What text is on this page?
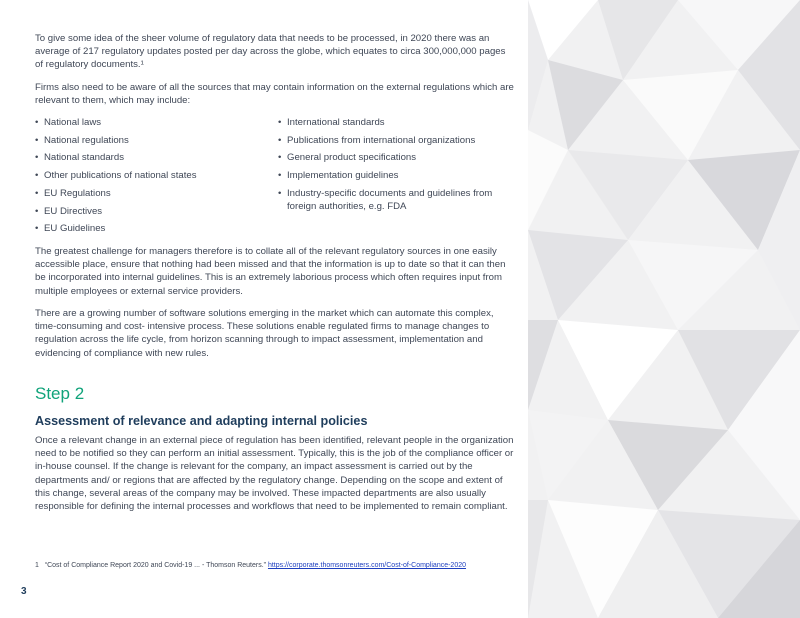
To give some idea of the sheer volume of regulatory data that needs to be processed, in 2020 there was an average of 217 regulatory updates posted per day across the globe, which equates to circa 300,000,000 pages of regulatory documents.¹

Firms also need to be aware of all the sources that may contain information on the external regulations which are relevant to them, which may include:

• National laws
• National regulations
• National standards
• Other publications of national states
• EU Regulations
• EU Directives
• EU Guidelines
• International standards
• Publications from international organizations
• General product specifications
• Implementation guidelines
• Industry-specific documents and guidelines from foreign authorities, e.g. FDA

The greatest challenge for managers therefore is to collate all of the relevant regulatory sources in one easily accessible place, ensure that nothing had been missed and that the information is up to date so that it can then be incorporated into internal guidelines. This is an extremely laborious process which often requires input from multiple employees or external service providers.

There are a growing number of software solutions emerging in the market which can automate this complex, time-consuming and cost- intensive process. These solutions enable regulated firms to manage changes to regulation across the life cycle, from horizon scanning through to impact assessment, implementation and evidencing of compliance with new rules.

Step 2
Assessment of relevance and adapting internal policies

Once a relevant change in an external piece of regulation has been identified, relevant people in the organization need to be notified so they can perform an initial assessment. Typically, this is the job of the compliance officer or in-house counsel. If the change is relevant for the company, an impact assessment is carried out by the departments and/ or regions that are affected by the regulatory change. Depending on the scope and extent of this change, several areas of the company may be involved. These impacted departments are also usually responsible for defining the internal processes and workflows that need to be implemented to remain compliant.

1 “Cost of Compliance Report 2020 and Covid-19 ... - Thomson Reuters.” https://corporate.thomsonreuters.com/Cost-of-Compliance-2020
3
